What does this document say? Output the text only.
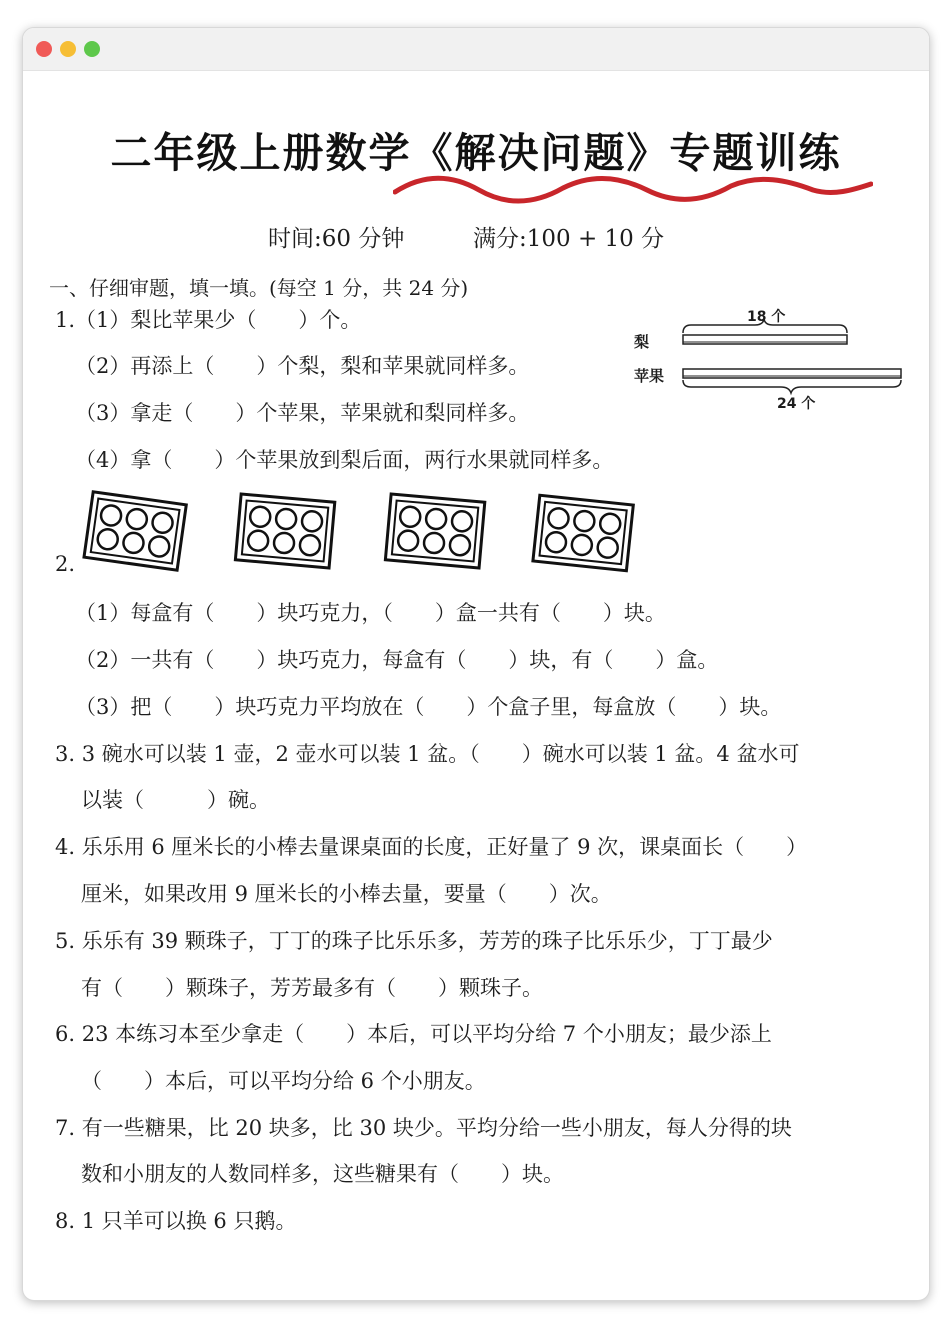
二年级上册数学《解决问题》专题训练
时间:60 分钟	满分:100 + 10 分
一、仔细审题，填一填。(每空 1 分，共 24 分)
1.（1）梨比苹果少（　　）个。
（2）再添上（　　）个梨，梨和苹果就同样多。
（3）拿走（　　）个苹果，苹果就和梨同样多。
（4）拿（　　）个苹果放到梨后面，两行水果就同样多。
梨
苹果
18 个
24 个
2.
（1）每盒有（　　）块巧克力，（　　）盒一共有（　　）块。
（2）一共有（　　）块巧克力，每盒有（　　）块，有（　　）盒。
（3）把（　　）块巧克力平均放在（　　）个盒子里，每盒放（　　）块。
3. 3 碗水可以装 1 壶，2 壶水可以装 1 盆。（　　）碗水可以装 1 盆。4 盆水可
以装（　　　）碗。
4. 乐乐用 6 厘米长的小棒去量课桌面的长度，正好量了 9 次，课桌面长（　　）
厘米，如果改用 9 厘米长的小棒去量，要量（　　）次。
5. 乐乐有 39 颗珠子，丁丁的珠子比乐乐多，芳芳的珠子比乐乐少，丁丁最少
有（　　）颗珠子，芳芳最多有（　　）颗珠子。
6. 23 本练习本至少拿走（　　）本后，可以平均分给 7 个小朋友；最少添上
（　　）本后，可以平均分给 6 个小朋友。
7. 有一些糖果，比 20 块多，比 30 块少。平均分给一些小朋友，每人分得的块
数和小朋友的人数同样多，这些糖果有（　　）块。
8. 1 只羊可以换 6 只鹅。
